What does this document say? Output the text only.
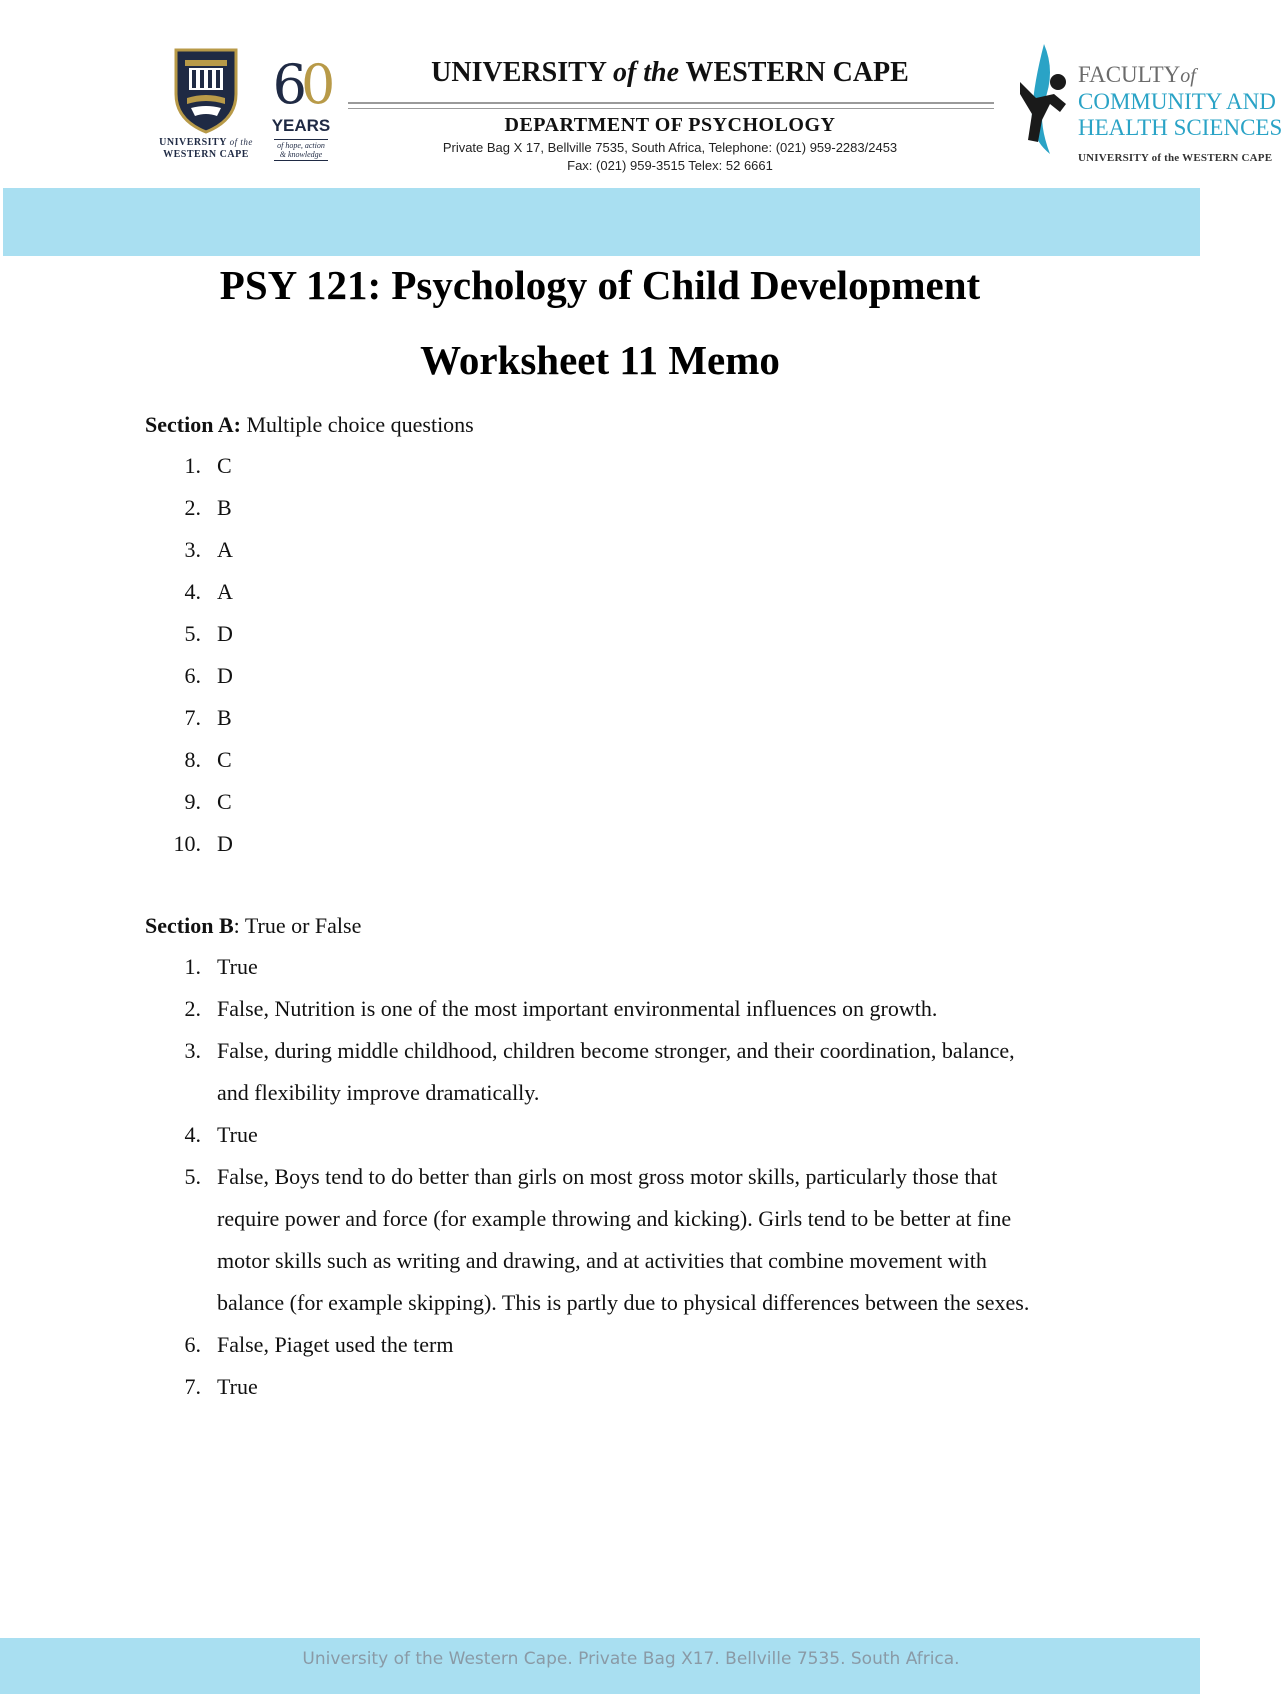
UNIVERSITY of the
WESTERN CAPE
60
YEARS
of hope, action & knowledge
UNIVERSITY of the WESTERN CAPE
DEPARTMENT OF PSYCHOLOGY
Private Bag X 17, Bellville 7535, South Africa, Telephone: (021) 959-2283/2453
Fax: (021) 959-3515 Telex: 52 6661
FACULTYof
COMMUNITY AND
HEALTH SCIENCES
UNIVERSITY of the WESTERN CAPE
PSY 121: Psychology of Child Development
Worksheet 11 Memo
Section A: Multiple choice questions
1. C
2. B
3. A
4. A
5. D
6. D
7. B
8. C
9. C
10. D
Section B: True or False
1. True
2. False, Nutrition is one of the most important environmental influences on growth.
3. False, during middle childhood, children become stronger, and their coordination, balance, and flexibility improve dramatically.
4. True
5. False, Boys tend to do better than girls on most gross motor skills, particularly those that require power and force (for example throwing and kicking). Girls tend to be better at fine motor skills such as writing and drawing, and at activities that combine movement with balance (for example skipping). This is partly due to physical differences between the sexes.
6. False, Piaget used the term
7. True
University of the Western Cape. Private Bag X17. Bellville 7535. South Africa.
